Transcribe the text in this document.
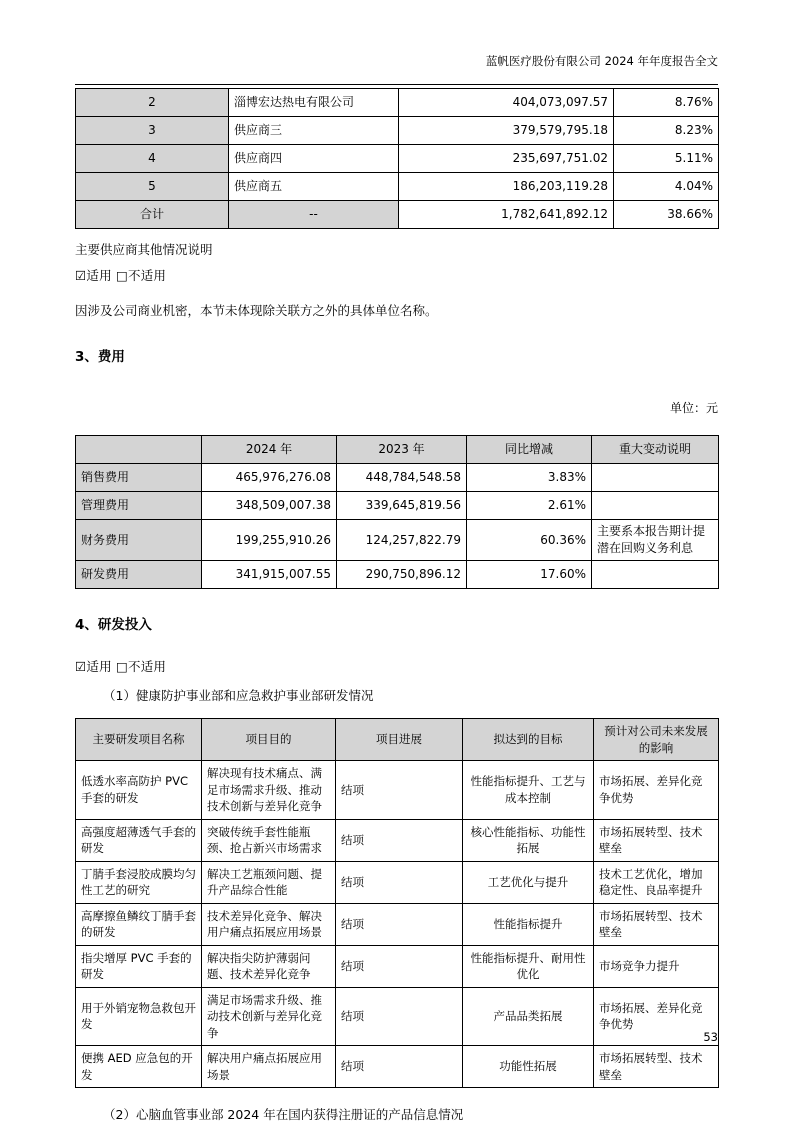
蓝帆医疗股份有限公司 2024 年年度报告全文
2	淄博宏达热电有限公司	404,073,097.57	8.76%
3	供应商三	379,579,795.18	8.23%
4	供应商四	235,697,751.02	5.11%
5	供应商五	186,203,119.28	4.04%
合计	--	1,782,641,892.12	38.66%

主要供应商其他情况说明

☑适用 □不适用

因涉及公司商业机密，本节未体现除关联方之外的具体单位名称。

3、费用

单位：元

	2024 年	2023 年	同比增减	重大变动说明
销售费用	465,976,276.08	448,784,548.58	3.83%	
管理费用	348,509,007.38	339,645,819.56	2.61%	
财务费用	199,255,910.26	124,257,822.79	60.36%	主要系本报告期计提潜在回购义务利息
研发费用	341,915,007.55	290,750,896.12	17.60%	
4、研发投入

☑适用 □不适用

（1）健康防护事业部和应急救护事业部研发情况

主要研发项目名称	项目目的	项目进展	拟达到的目标	预计对公司未来发展的影响
低透水率高防护 PVC 手套的研发	解决现有技术痛点、满足市场需求升级、推动技术创新与差异化竞争	结项	性能指标提升、工艺与成本控制	市场拓展、差异化竞争优势
高强度超薄透气手套的研发	突破传统手套性能瓶颈、抢占新兴市场需求	结项	核心性能指标、功能性拓展	市场拓展转型、技术壁垒
丁腈手套浸胶成膜均匀性工艺的研究	解决工艺瓶颈问题、提升产品综合性能	结项	工艺优化与提升	技术工艺优化，增加稳定性、良品率提升
高摩擦鱼鳞纹丁腈手套的研发	技术差异化竞争、解决用户痛点拓展应用场景	结项	性能指标提升	市场拓展转型、技术壁垒
指尖增厚 PVC 手套的研发	解决指尖防护薄弱问题、技术差异化竞争	结项	性能指标提升、耐用性优化	市场竞争力提升
用于外销宠物急救包开发	满足市场需求升级、推动技术创新与差异化竞争	结项	产品品类拓展	市场拓展、差异化竞争优势
便携 AED 应急包的开发	解决用户痛点拓展应用场景	结项	功能性拓展	市场拓展转型、技术壁垒

（2）心脑血管事业部 2024 年在国内获得注册证的产品信息情况

53
